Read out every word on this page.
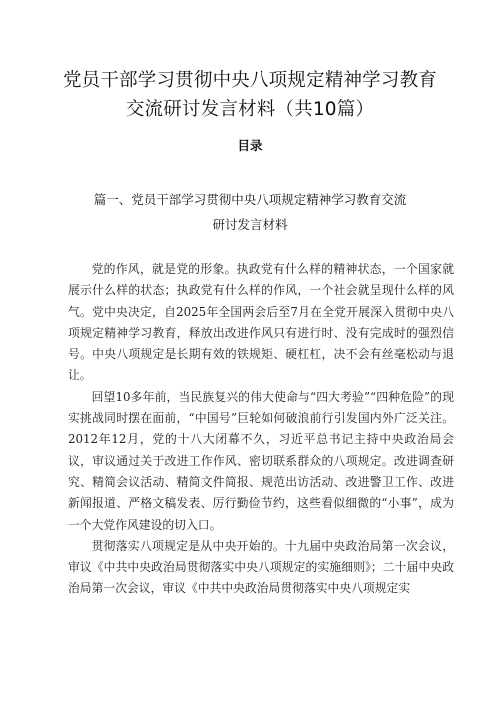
党员干部学习贯彻中央八项规定精神学习教育
交流研讨发言材料（共10篇）
目录
篇一、党员干部学习贯彻中央八项规定精神学习教育交流
研讨发言材料

党的作风，就是党的形象。执政党有什么样的精神状态，一个国家就展示什么样的状态；执政党有什么样的作风，一个社会就呈现什么样的风气。党中央决定，自2025年全国两会后至7月在全党开展深入贯彻中央八项规定精神学习教育，释放出改进作风只有进行时、没有完成时的强烈信号。中央八项规定是长期有效的铁规矩、硬杠杠，决不会有丝毫松动与退让。

回望10多年前，当民族复兴的伟大使命与“四大考验”“四种危险”的现实挑战同时摆在面前，“中国号”巨轮如何破浪前行引发国内外广泛关注。2012年12月，党的十八大闭幕不久，习近平总书记主持中央政治局会议，审议通过关于改进工作作风、密切联系群众的八项规定。改进调查研究、精简会议活动、精简文件简报、规范出访活动、改进警卫工作、改进新闻报道、严格文稿发表、厉行勤俭节约，这些看似细微的“小事”，成为一个大党作风建设的切入口。

贯彻落实八项规定是从中央开始的。十九届中央政治局第一次会议，审议《中共中央政治局贯彻落实中央八项规定的实施细则》；二十届中央政治局第一次会议，审议《中共中央政治局贯彻落实中央八项规定实
